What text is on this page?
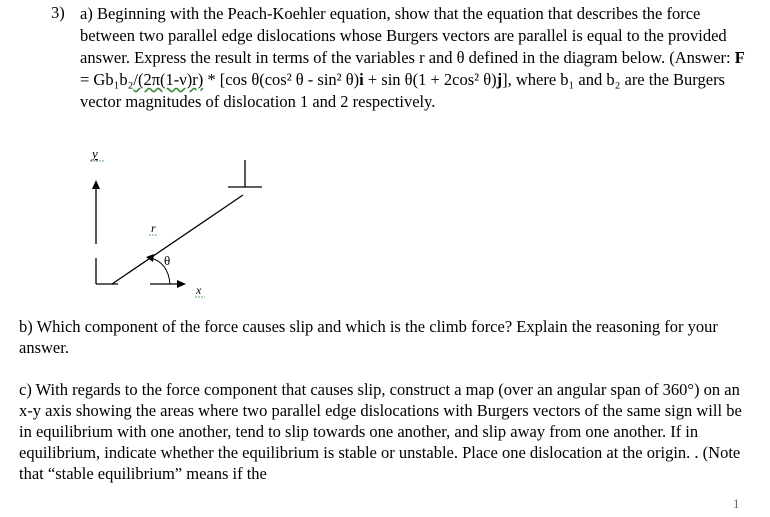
3) a) Beginning with the Peach-Koehler equation, show that the equation that describes the force between two parallel edge dislocations whose Burgers vectors are parallel is equal to the provided answer. Express the result in terms of the variables r and θ defined in the diagram below. (Answer: F = Gb₁b₂/(2π(1-ν)r) * [cos θ(cos² θ - sin² θ)i + sin θ(1 + 2cos² θ)j], where b₁ and b₂ are the Burgers vector magnitudes of dislocation 1 and 2 respectively.
y
r
θ
x
b) Which component of the force causes slip and which is the climb force? Explain the reasoning for your answer.
c) With regards to the force component that causes slip, construct a map (over an angular span of 360°) on an x-y axis showing the areas where two parallel edge dislocations with Burgers vectors of the same sign will be in equilibrium with one another, tend to slip towards one another, and slip away from one another. If in equilibrium, indicate whether the equilibrium is stable or unstable. Place one dislocation at the origin. . (Note that “stable equilibrium” means if the
1
